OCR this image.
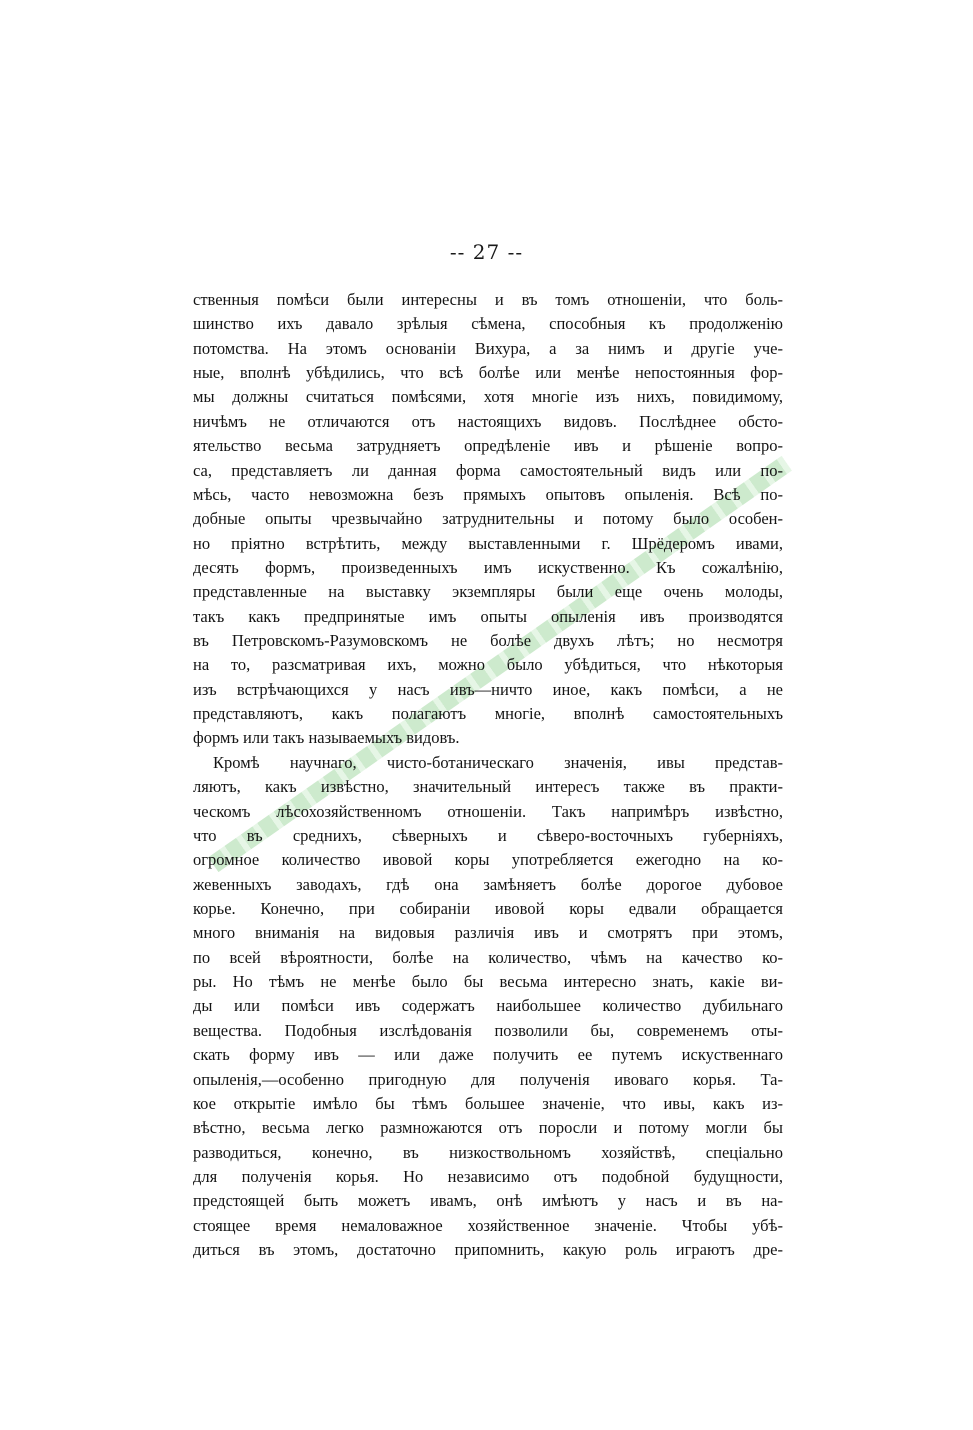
-- 27 --
ственныя помѣси были интересны и въ томъ отношеніи, что боль-
шинство ихъ давало зрѣлыя сѣмена, способныя къ продолженію
потомства. На этомъ основаніи Вихура, а за нимъ и другіе уче-
ные, вполнѣ убѣдились, что всѣ болѣе или менѣе непостоянныя фор-
мы должны считаться помѣсями, хотя многіе изъ нихъ, повидимому,
ничѣмъ не отличаются отъ настоящихъ видовъ. Послѣднее обсто-
ятельство весьма затрудняетъ опредѣленіе ивъ и рѣшеніе вопро-
са, представляетъ ли данная форма самостоятельный видъ или по-
мѣсь, часто невозможна безъ прямыхъ опытовъ опыленія. Всѣ по-
добные опыты чрезвычайно затруднительны и потому было особен-
но пріятно встрѣтить, между выставленными г. Шрёдеромъ ивами,
десять формъ, произведенныхъ имъ искуственно. Къ сожалѣнію,
представленные на выставку экземпляры были еще очень молоды,
такъ какъ предпринятые имъ опыты опыленія ивъ производятся
въ Петровскомъ-Разумовскомъ не болѣе двухъ лѣтъ; но несмотря
на то, разсматривая ихъ, можно было убѣдиться, что нѣкоторыя
изъ встрѣчающихся у насъ ивъ—ничто иное, какъ помѣси, а не
представляютъ, какъ полагаютъ многіе, вполнѣ самостоятельныхъ
формъ или такъ называемыхъ видовъ.
Кромѣ научнаго, чисто-ботаническаго значенія, ивы представ-
ляютъ, какъ извѣстно, значительный интересъ также въ практи-
ческомъ лѣсохозяйственномъ отношеніи. Такъ напримѣръ извѣстно,
что въ среднихъ, сѣверныхъ и сѣверо-восточныхъ губерніяхъ,
огромное количество ивовой коры употребляется ежегодно на ко-
жевенныхъ заводахъ, гдѣ она замѣняетъ болѣе дорогое дубовое
корье. Конечно, при собираніи ивовой коры едвали обращается
много вниманія на видовыя различія ивъ и смотрятъ при этомъ,
по всей вѣроятности, болѣе на количество, чѣмъ на качество ко-
ры. Но тѣмъ не менѣе было бы весьма интересно знать, какіе ви-
ды или помѣси ивъ содержатъ наибольшее количество дубильнаго
вещества. Подобныя изслѣдованія позволили бы, современемъ оты-
скать форму ивъ — или даже получить ее путемъ искуственнаго
опыленія,—особенно пригодную для полученія ивоваго корья. Та-
кое открытіе имѣло бы тѣмъ большее значеніе, что ивы, какъ из-
вѣстно, весьма легко размножаются отъ поросли и потому могли бы
разводиться, конечно, въ низкоствольномъ хозяйствѣ, спеціально
для полученія корья. Но независимо отъ подобной будущности,
предстоящей быть можетъ ивамъ, онѣ имѣютъ у насъ и въ на-
стоящее время немаловажное хозяйственное значеніе. Чтобы убѣ-
диться въ этомъ, достаточно припомнить, какую роль играютъ дре-
